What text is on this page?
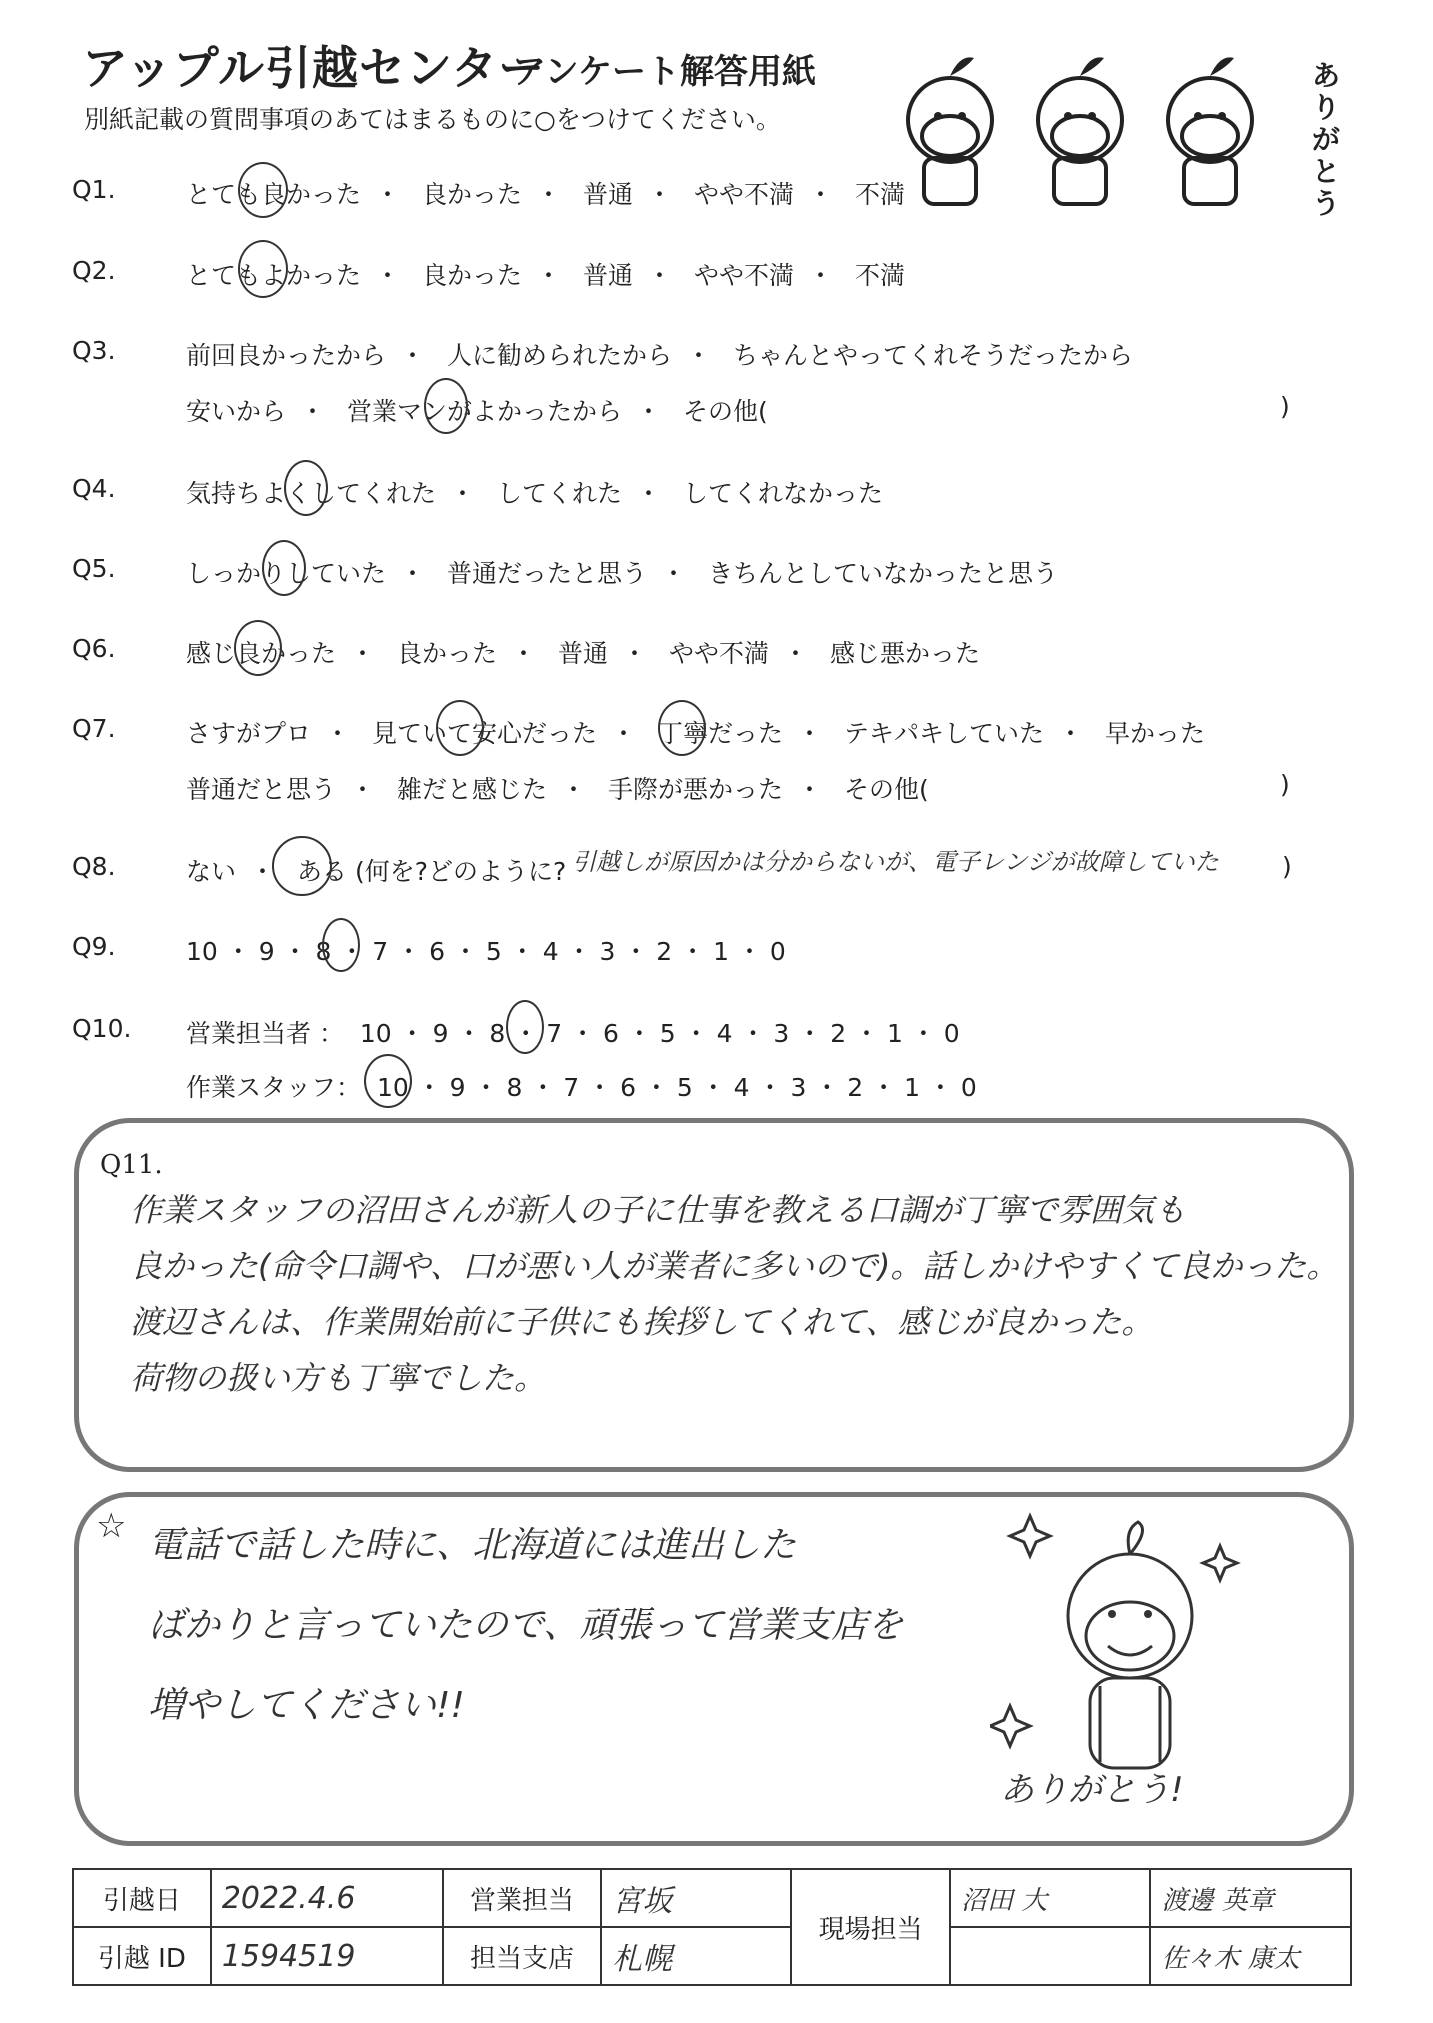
アップル引越センター
アンケート解答用紙
別紙記載の質問事項のあてはまるものに○をつけてください。
ありがとう
Q1.	とても良かった ・ 良かった ・ 普通 ・ やや不満 ・ 不満
Q2.	とてもよかった ・ 良かった ・ 普通 ・ やや不満 ・ 不満
Q3.	前回良かったから ・ 人に勧められたから ・ ちゃんとやってくれそうだったから
安いから ・ 営業マンがよかったから ・ その他(	)
Q4.	気持ちよくしてくれた ・ してくれた ・ してくれなかった
Q5.	しっかりしていた ・ 普通だったと思う ・ きちんとしていなかったと思う
Q6.	感じ良かった ・ 良かった ・ 普通 ・ やや不満 ・ 感じ悪かった
Q7.	さすがプロ ・ 見ていて安心だった ・ 丁寧だった ・ テキパキしていた ・ 早かった
普通だと思う ・ 雑だと感じた ・ 手際が悪かった ・ その他(	)
Q8.	ない ・ ある (何を?どのように? 引越しが原因かは分からないが、電子レンジが故障していた	)
Q9.	10 ・ 9 ・ 8 ・ 7 ・ 6 ・ 5 ・ 4 ・ 3 ・ 2 ・ 1 ・ 0
Q10. 営業担当者 ： 10 ・ 9 ・ 8 ・ 7 ・ 6 ・ 5 ・ 4 ・ 3 ・ 2 ・ 1 ・ 0
作業スタッフ： 10 ・ 9 ・ 8 ・ 7 ・ 6 ・ 5 ・ 4 ・ 3 ・ 2 ・ 1 ・ 0
Q11.
作業スタッフの沼田さんが新人の子に仕事を教える口調が丁寧で雰囲気も
良かった(命令口調や、口が悪い人が業者に多いので)。話しかけやすくて良かった。
渡辺さんは、作業開始前に子供にも挨拶してくれて、感じが良かった。
荷物の扱い方も丁寧でした。
☆ 電話で話した時に、北海道には進出した
ばかりと言っていたので、頑張って営業支店を
増やしてください!!
ありがとう!
引越日	2022.4.6	営業担当	宮坂	現場担当	沼田 大	渡邊 英章
引越 ID	1594519	担当支店	札幌			佐々木 康太
